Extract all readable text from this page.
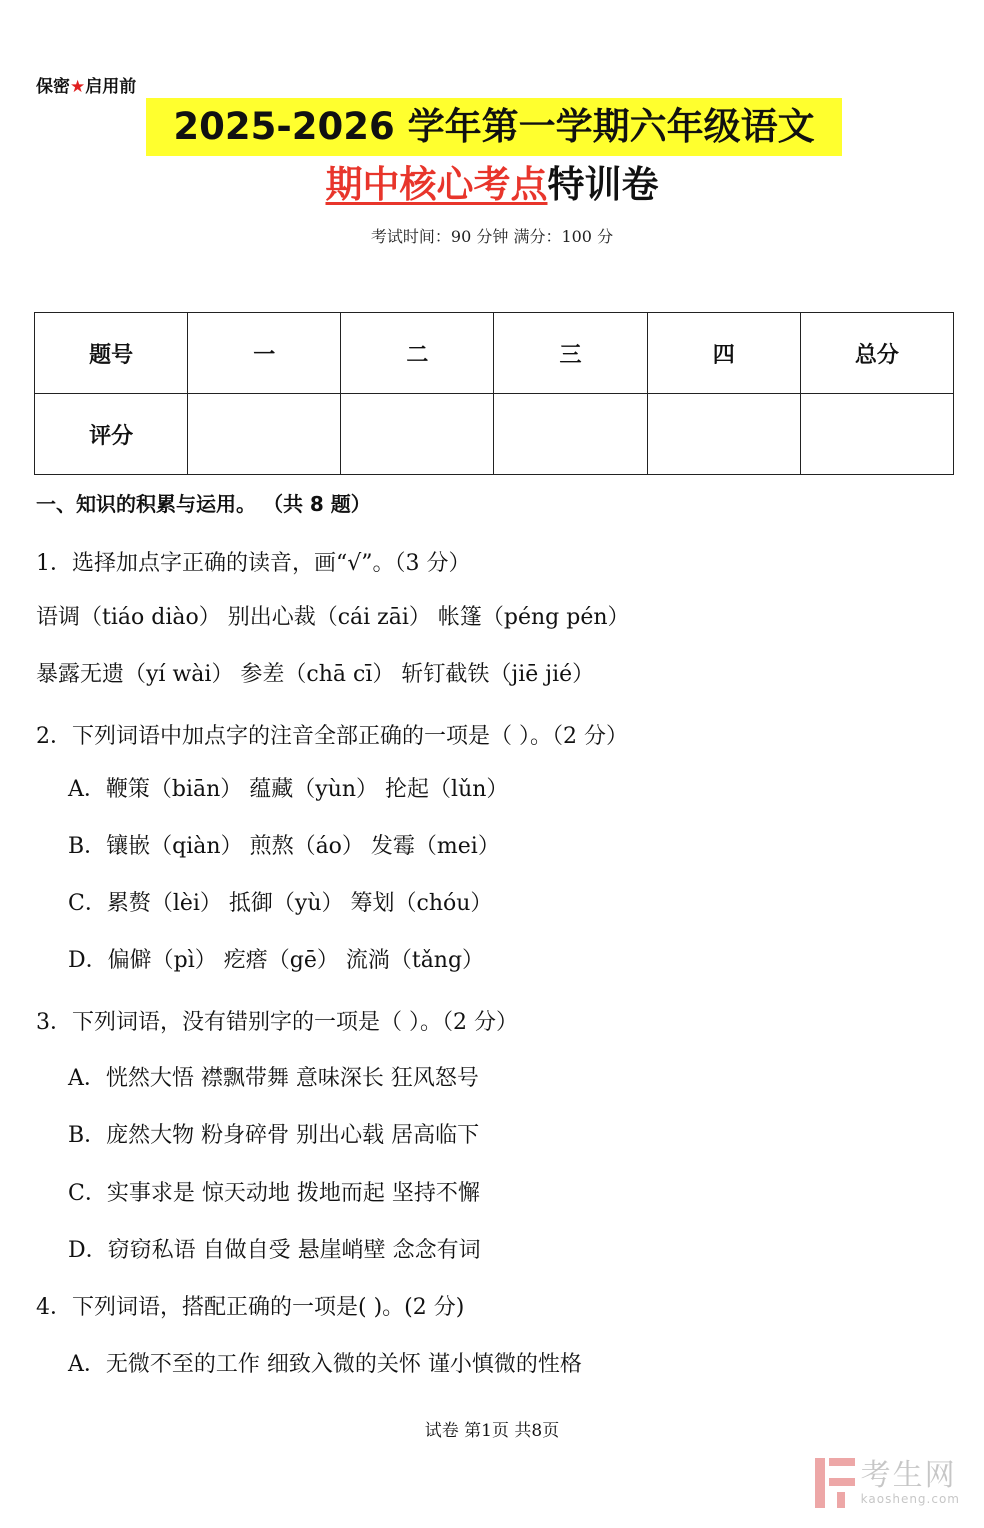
保密★启用前
2025-2026 学年第一学期六年级语文
期中核心考点特训卷
考试时间：90 分钟 满分：100 分
题号	一	二	三	四	总分
评分					
一、知识的积累与运用。 （共 8 题）
1．选择加点字正确的读音，画“√”。（3 分）
语调（tiáo diào） 别出心裁（cái zāi） 帐篷（péng pén）
暴露无遗（yí wài） 参差（chā cī） 斩钉截铁（jiē jié）
2．下列词语中加点字的注音全部正确的一项是（ ）。（2 分）
A．鞭策（biān） 蕴藏（yùn） 抡起（lǔn）
B．镶嵌（qiàn） 煎熬（áo） 发霉（mei）
C．累赘（lèi） 抵御（yù） 筹划（chóu）
D．偏僻（pì） 疙瘩（gē） 流淌（tǎng）
3．下列词语，没有错别字的一项是（ ）。（2 分）
A．恍然大悟 襟飘带舞 意味深长 狂风怒号
B．庞然大物 粉身碎骨 别出心载 居高临下
C．实事求是 惊天动地 拨地而起 坚持不懈
D．窃窃私语 自做自受 悬崖峭壁 念念有词
4．下列词语，搭配正确的一项是( )。(2 分)
A．无微不至的工作 细致入微的关怀 谨小慎微的性格
试卷 第1页 共8页
考生网
kaosheng.com
